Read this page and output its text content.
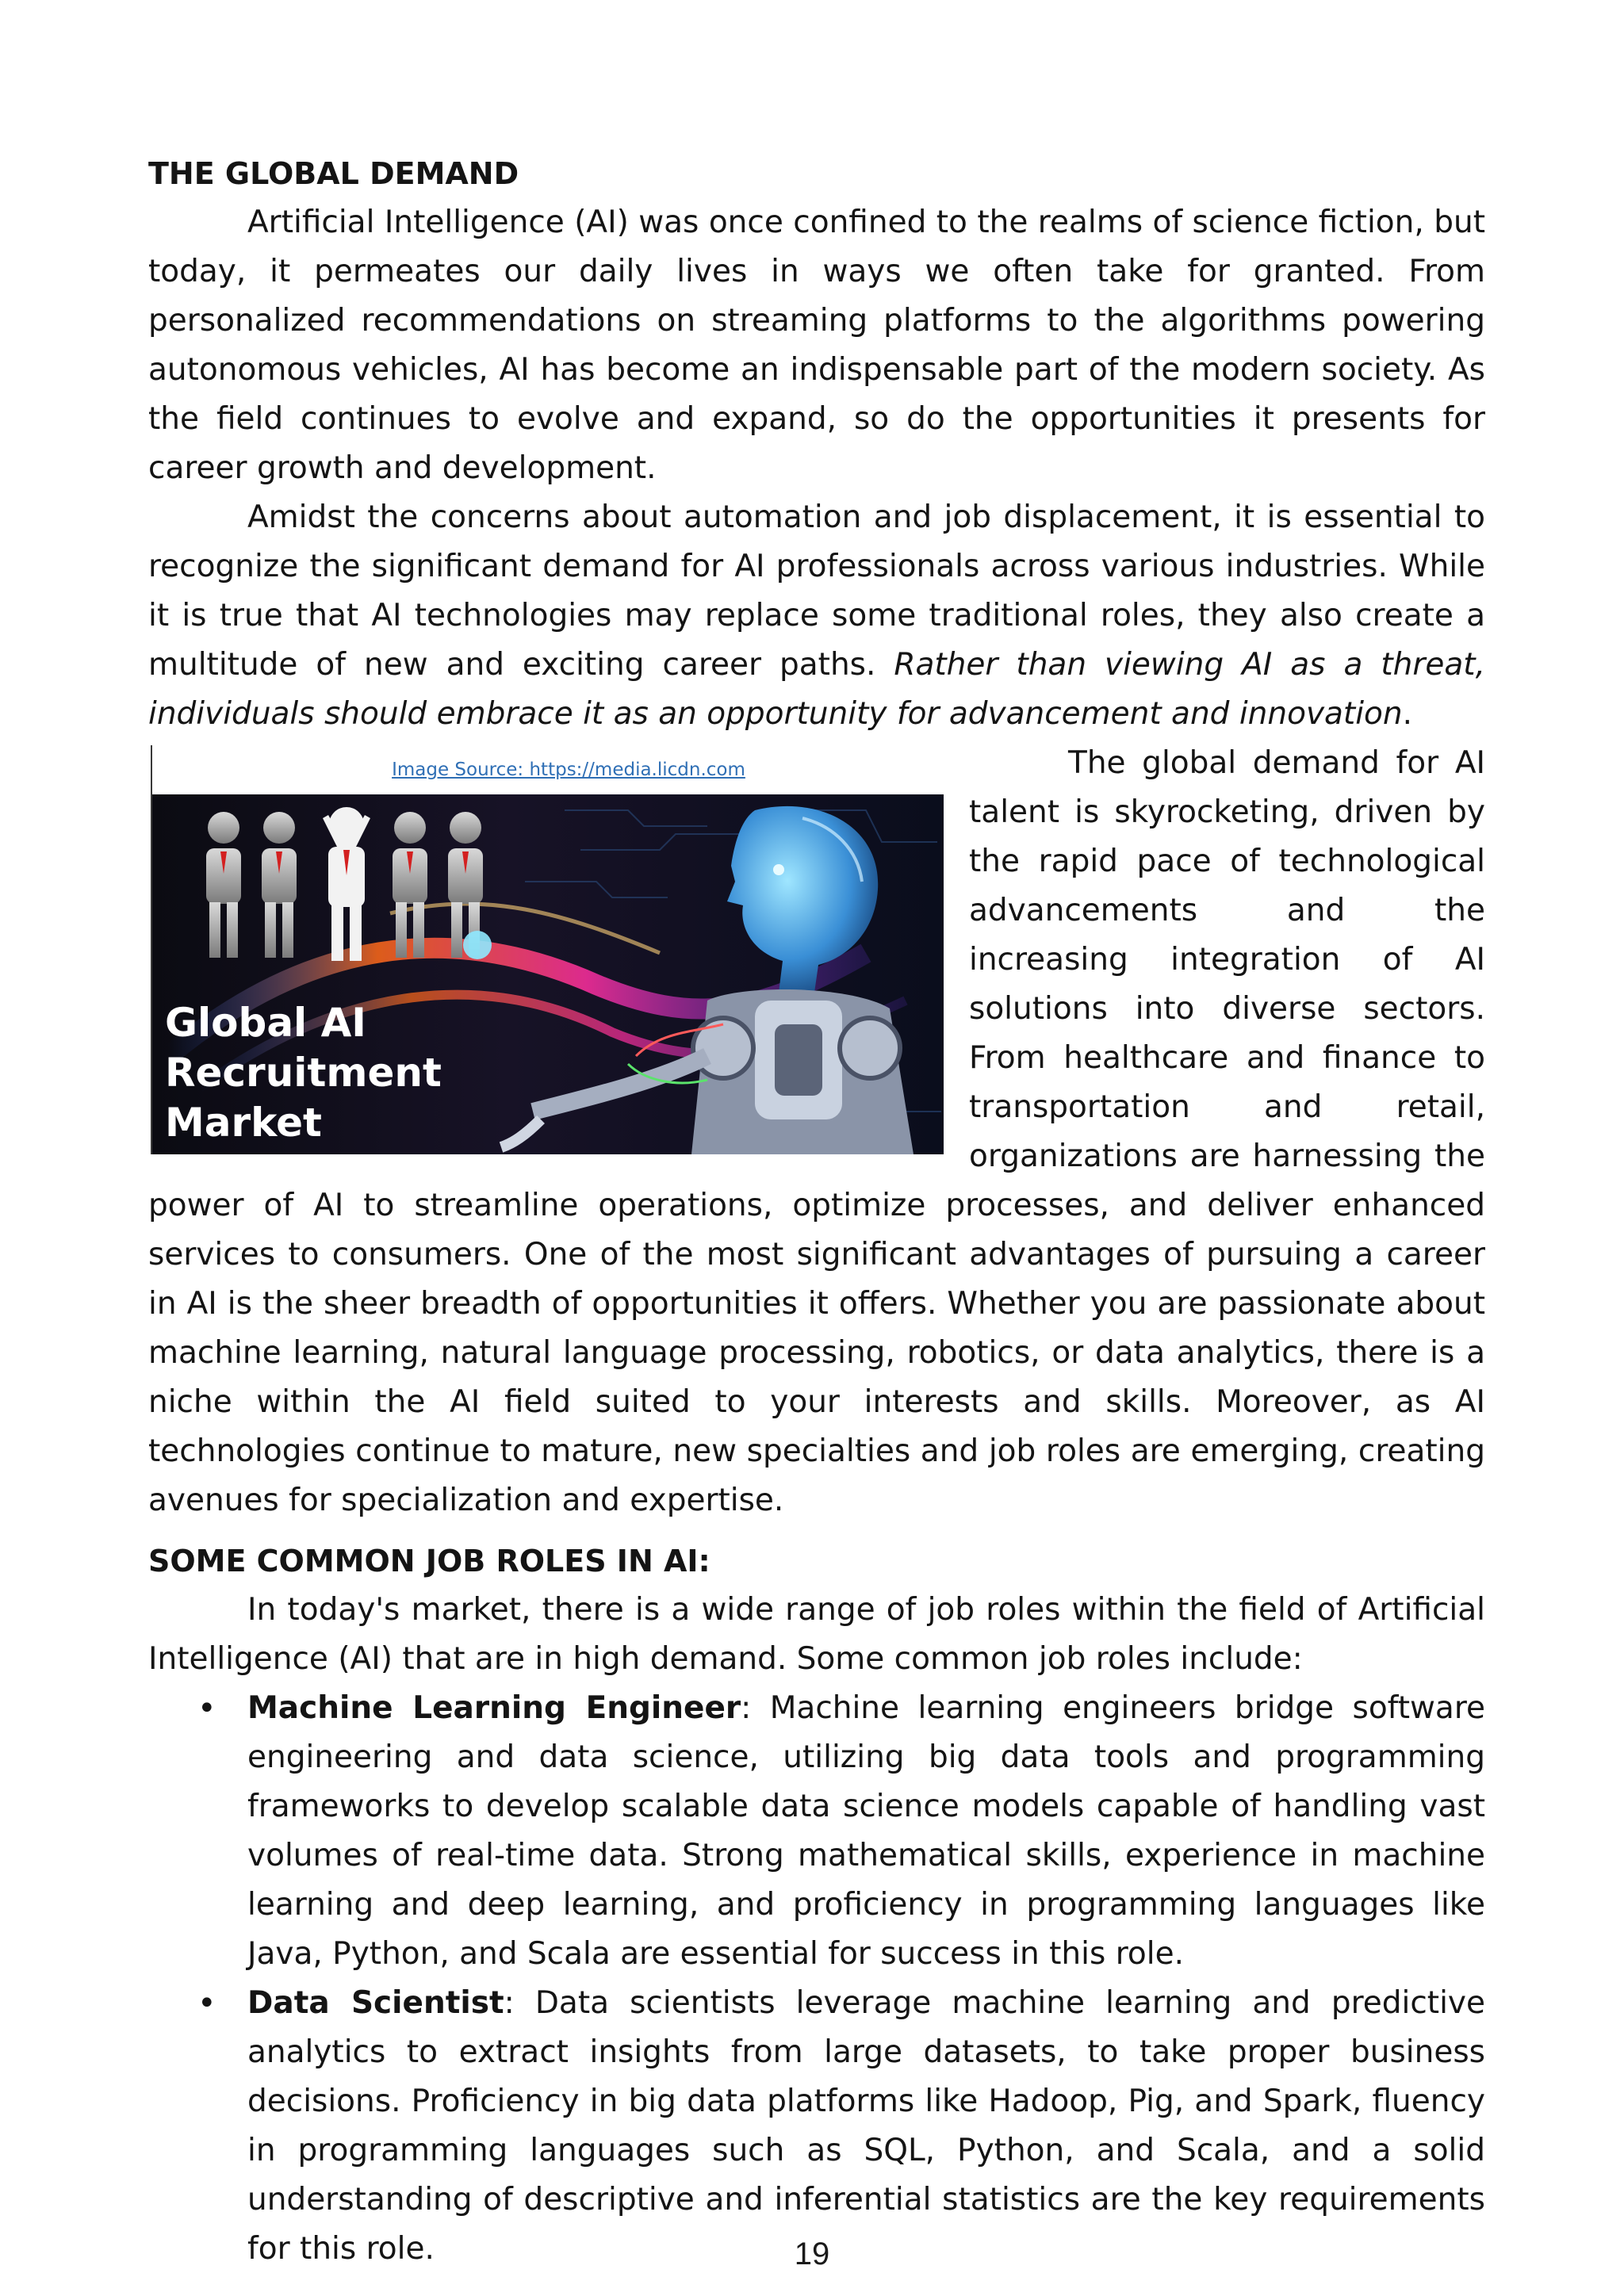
THE GLOBAL DEMAND

Artificial Intelligence (AI) was once confined to the realms of science fiction, but today, it permeates our daily lives in ways we often take for granted. From personalized recommendations on streaming platforms to the algorithms powering autonomous vehicles, AI has become an indispensable part of the modern society. As the field continues to evolve and expand, so do the opportunities it presents for career growth and development.

Amidst the concerns about automation and job displacement, it is essential to recognize the significant demand for AI professionals across various industries. While it is true that AI technologies may replace some traditional roles, they also create a multitude of new and exciting career paths. Rather than viewing AI as a threat, individuals should embrace it as an opportunity for advancement and innovation.

Image Source: https://media.licdn.com
Global AI
Recruitment
Market

The global demand for AI talent is skyrocketing, driven by the rapid pace of technological advancements and the increasing integration of AI solutions into diverse sectors. From healthcare and finance to transportation and retail, organizations are harnessing the power of AI to streamline operations, optimize processes, and deliver enhanced services to consumers. One of the most significant advantages of pursuing a career in AI is the sheer breadth of opportunities it offers. Whether you are passionate about machine learning, natural language processing, robotics, or data analytics, there is a niche within the AI field suited to your interests and skills. Moreover, as AI technologies continue to mature, new specialties and job roles are emerging, creating avenues for specialization and expertise.

SOME COMMON JOB ROLES IN AI:

In today's market, there is a wide range of job roles within the field of Artificial Intelligence (AI) that are in high demand. Some common job roles include:

• Machine Learning Engineer: Machine learning engineers bridge software engineering and data science, utilizing big data tools and programming frameworks to develop scalable data science models capable of handling vast volumes of real-time data. Strong mathematical skills, experience in machine learning and deep learning, and proficiency in programming languages like Java, Python, and Scala are essential for success in this role.
• Data Scientist: Data scientists leverage machine learning and predictive analytics to extract insights from large datasets, to take proper business decisions. Proficiency in big data platforms like Hadoop, Pig, and Spark, fluency in programming languages such as SQL, Python, and Scala, and a solid understanding of descriptive and inferential statistics are the key requirements for this role.	19
